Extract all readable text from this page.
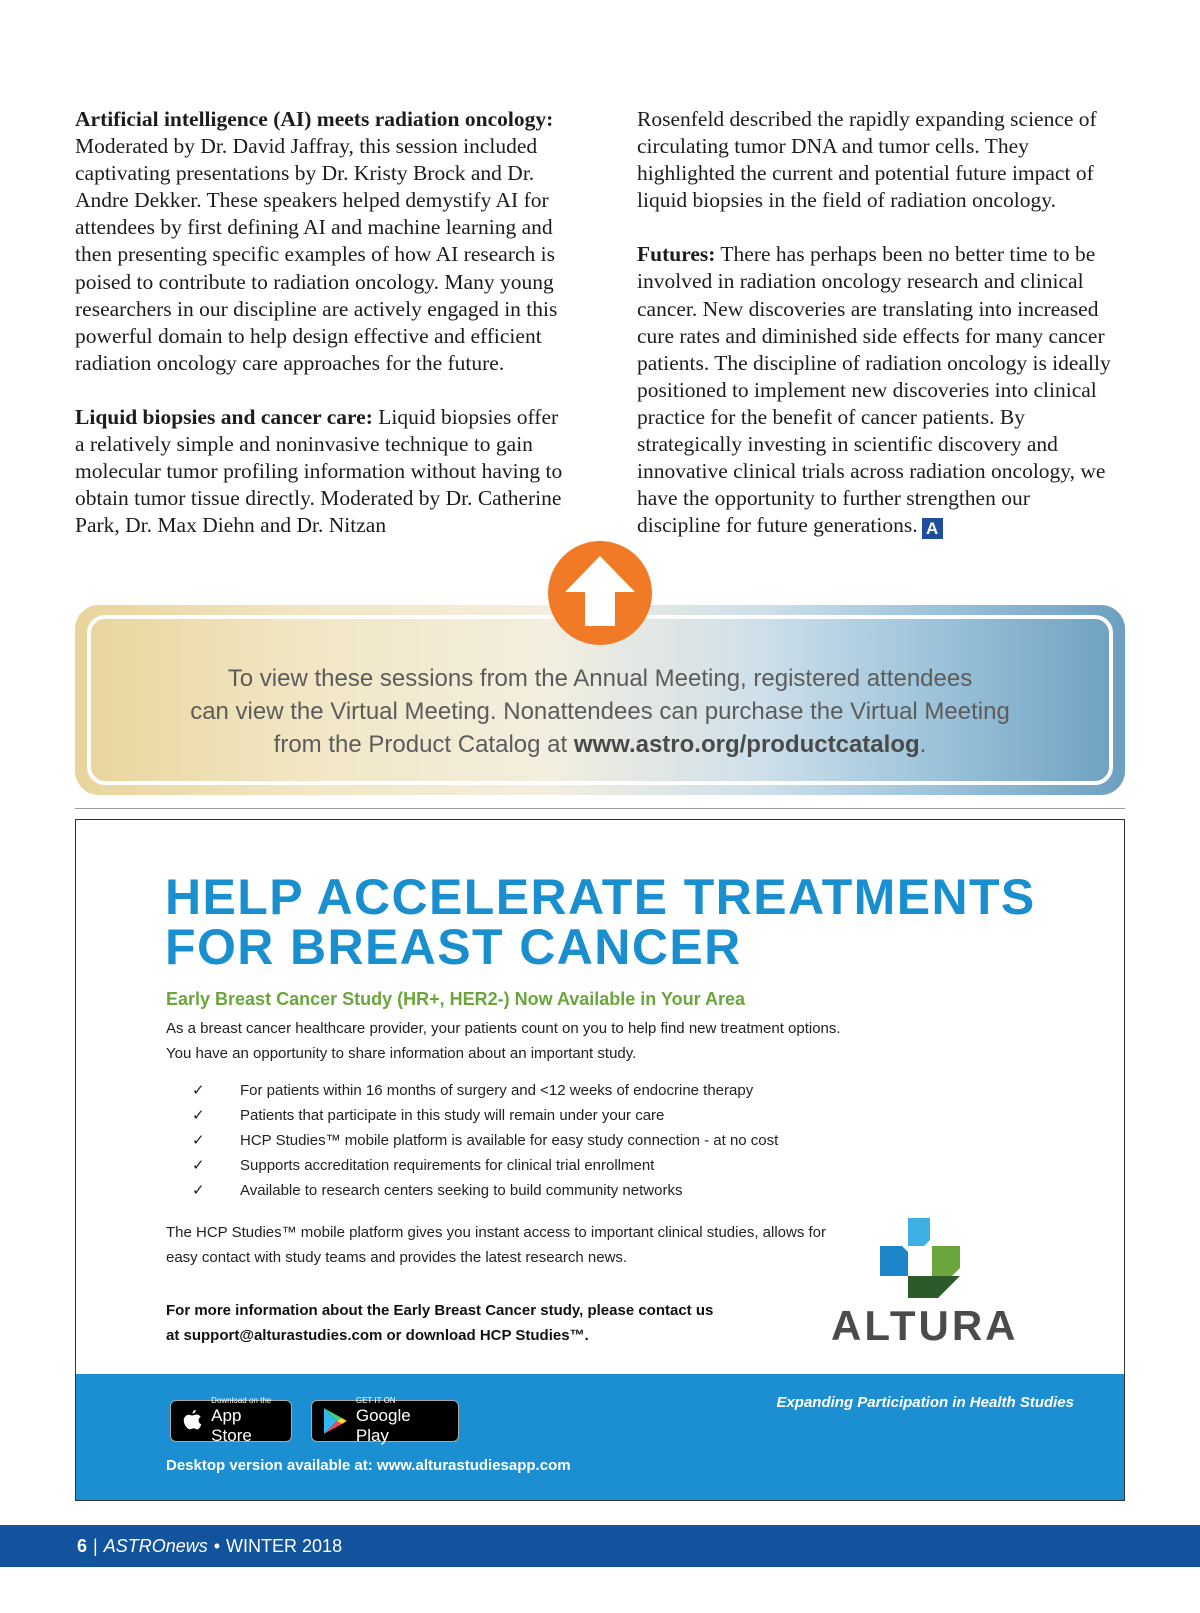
Artificial intelligence (AI) meets radiation oncology: Moderated by Dr. David Jaffray, this session included captivating presentations by Dr. Kristy Brock and Dr. Andre Dekker. These speakers helped demystify AI for attendees by first defining AI and machine learning and then presenting specific examples of how AI research is poised to contribute to radiation oncology. Many young researchers in our discipline are actively engaged in this powerful domain to help design effective and efficient radiation oncology care approaches for the future.

Liquid biopsies and cancer care: Liquid biopsies offer a relatively simple and noninvasive technique to gain molecular tumor profiling information without having to obtain tumor tissue directly. Moderated by Dr. Catherine Park, Dr. Max Diehn and Dr. Nitzan

Rosenfeld described the rapidly expanding science of circulating tumor DNA and tumor cells. They highlighted the current and potential future impact of liquid biopsies in the field of radiation oncology.

Futures: There has perhaps been no better time to be involved in radiation oncology research and clinical cancer. New discoveries are translating into increased cure rates and diminished side effects for many cancer patients. The discipline of radiation oncology is ideally positioned to implement new discoveries into clinical practice for the benefit of cancer patients. By strategically investing in scientific discovery and innovative clinical trials across radiation oncology, we have the opportunity to further strengthen our discipline for future generations. A

To view these sessions from the Annual Meeting, registered attendees
can view the Virtual Meeting. Nonattendees can purchase the Virtual Meeting
from the Product Catalog at www.astro.org/productcatalog.
HELP ACCELERATE TREATMENTS
FOR BREAST CANCER
Early Breast Cancer Study (HR+, HER2-) Now Available in Your Area
As a breast cancer healthcare provider, your patients count on you to help find new treatment options. You have an opportunity to share information about an important study.
✓ For patients within 16 months of surgery and <12 weeks of endocrine therapy
✓ Patients that participate in this study will remain under your care
✓ HCP Studies™ mobile platform is available for easy study connection - at no cost
✓ Supports accreditation requirements for clinical trial enrollment
✓ Available to research centers seeking to build community networks
The HCP Studies™ mobile platform gives you instant access to important clinical studies, allows for easy contact with study teams and provides the latest research news.
For more information about the Early Breast Cancer study, please contact us at support@alturastudies.com or download HCP Studies™.	ALTURA
Expanding Participation in Health Studies
Download on the
App Store
GET IT ON
Google Play
Desktop version available at: www.alturastudiesapp.com
6 | ASTROnews • WINTER 2018
